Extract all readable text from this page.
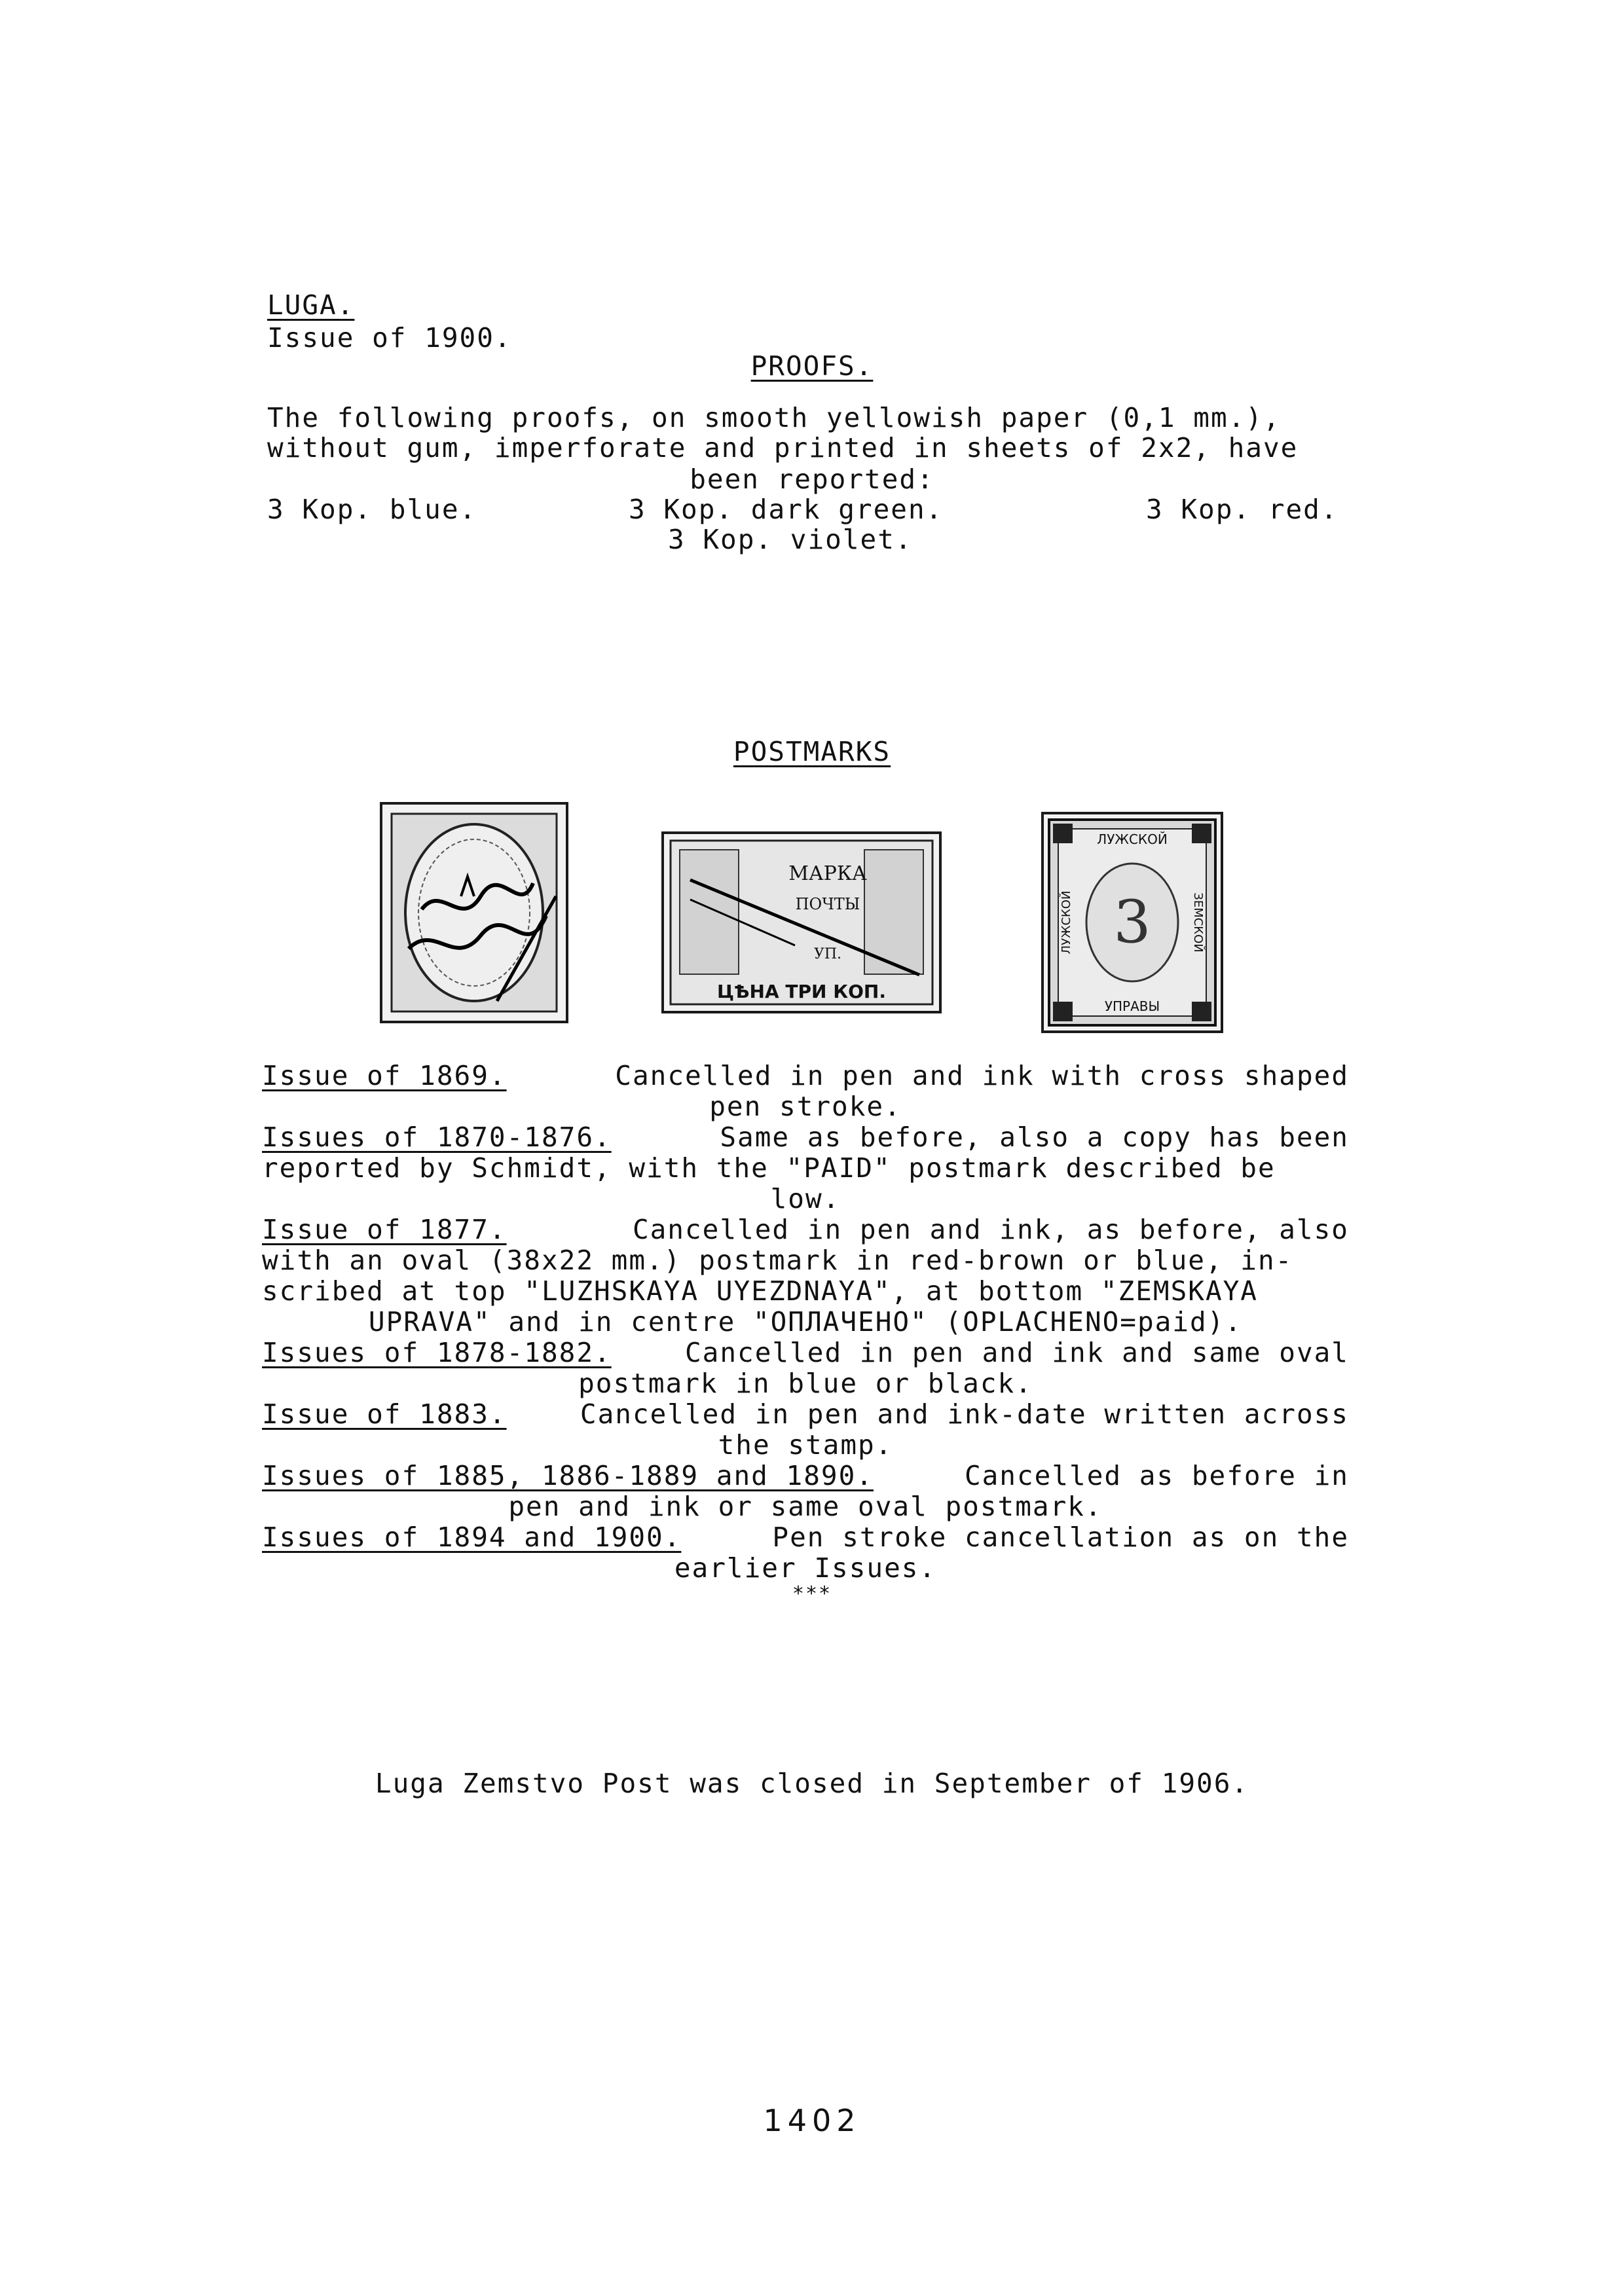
LUGA.

Issue of 1900.

PROOFS.

The following proofs, on smooth yellowish paper (0,1 mm.),

without gum, imperforate and printed in sheets of 2x2, have

been reported:

3 Kop. blue.	3 Kop. dark green.	3 Kop. red.

3 Kop. violet.

POSTMARKS

МАРКА
ПОЧТЫ
УП.
ЦѢНА ТРИ КОП.
ЛУЖСКОЙ
УПРАВЫ
ЛУЖСКОЙ	ЗЕМСКОЙ
3
Issue of 1869.	Cancelled in pen and ink with cross shaped
pen stroke.
Issues of 1870-1876.	Same as before, also a copy has been
reported by Schmidt, with the "PAID" postmark described be
low.
Issue of 1877.	Cancelled in pen and ink, as before, also
with an oval (38x22 mm.) postmark in red-brown or blue, in-
scribed at top "LUZHSKAYA UYEZDNAYA", at bottom "ZEMSKAYA
UPRAVA" and in centre "ОПЛАЧЕНО" (OPLACHENO=paid).
Issues of 1878-1882.	Cancelled in pen and ink and same oval
postmark in blue or black.
Issue of 1883.	Cancelled in pen and ink-date written across
the stamp.
Issues of 1885, 1886-1889 and 1890.	Cancelled as before in
pen and ink or same oval postmark.
Issues of 1894 and 1900.	Pen stroke cancellation as on the
earlier Issues.

***

Luga Zemstvo Post was closed in September of 1906.

1402
